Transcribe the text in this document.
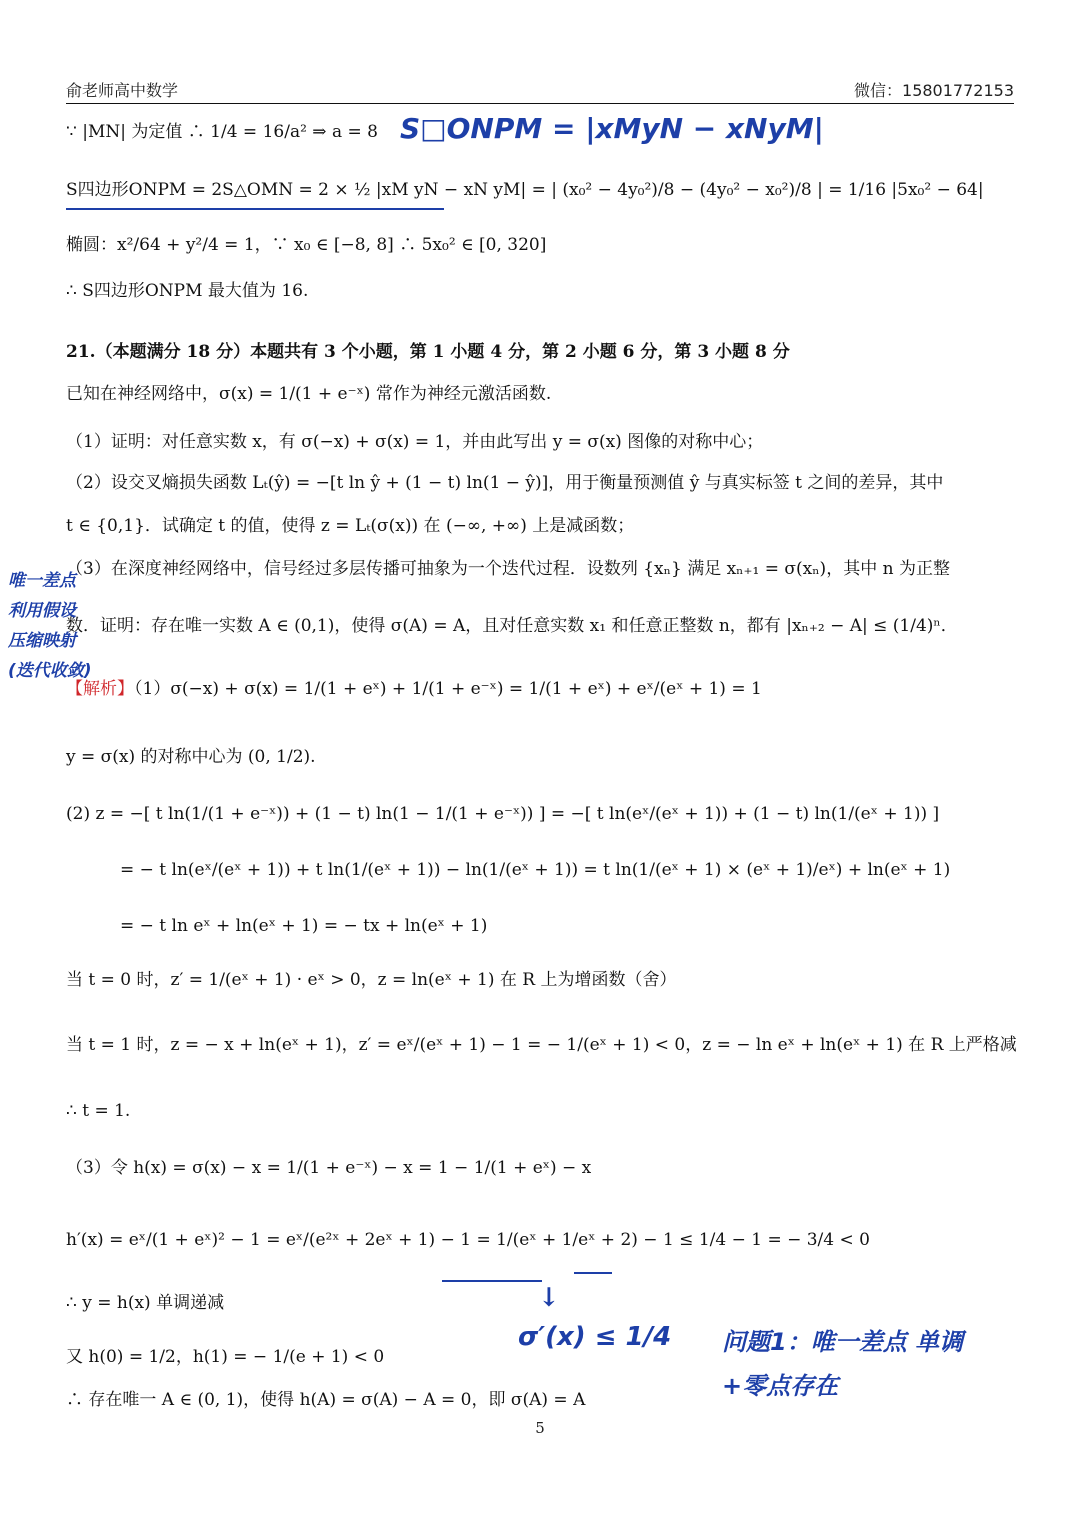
俞老师高中数学	微信：15801772153
∵ |MN| 为定值 ∴ 1/4 = 16/a² ⇒ a = 8 S□ONPM = |xMyN − xNyM|
S四边形ONPM = 2S△OMN = 2 × ½ |xM yN − xN yM| = | (x₀² − 4y₀²)/8 − (4y₀² − x₀²)/8 | = 1/16 |5x₀² − 64|
椭圆：x²/64 + y²/4 = 1，∵ x₀ ∈ [−8, 8] ∴ 5x₀² ∈ [0, 320]
∴ S四边形ONPM 最大值为 16.
21.（本题满分 18 分）本题共有 3 个小题，第 1 小题 4 分，第 2 小题 6 分，第 3 小题 8 分
已知在神经网络中，σ(x) = 1/(1 + e⁻ˣ) 常作为神经元激活函数.
（1）证明：对任意实数 x，有 σ(−x) + σ(x) = 1，并由此写出 y = σ(x) 图像的对称中心；
（2）设交叉熵损失函数 Lₜ(ŷ) = −[t ln ŷ + (1 − t) ln(1 − ŷ)]，用于衡量预测值 ŷ 与真实标签 t 之间的差异，其中
t ∈ {0,1}．试确定 t 的值，使得 z = Lₜ(σ(x)) 在 (−∞, +∞) 上是减函数；
（3）在深度神经网络中，信号经过多层传播可抽象为一个迭代过程．设数列 {xₙ} 满足 xₙ₊₁ = σ(xₙ)，其中 n 为正整
数．证明：存在唯一实数 A ∈ (0,1)，使得 σ(A) = A，且对任意实数 x₁ 和任意正整数 n，都有 |xₙ₊₂ − A| ≤ (1/4)ⁿ．
唯一差点 利用假设 压缩映射 (迭代收敛)
【解析】（1）σ(−x) + σ(x) = 1/(1 + eˣ) + 1/(1 + e⁻ˣ) = 1/(1 + eˣ) + eˣ/(eˣ + 1) = 1
y = σ(x) 的对称中心为 (0, 1/2).
(2) z = −[ t ln(1/(1 + e⁻ˣ)) + (1 − t) ln(1 − 1/(1 + e⁻ˣ)) ] = −[ t ln(eˣ/(eˣ + 1)) + (1 − t) ln(1/(eˣ + 1)) ]
= − t ln(eˣ/(eˣ + 1)) + t ln(1/(eˣ + 1)) − ln(1/(eˣ + 1)) = t ln(1/(eˣ + 1) × (eˣ + 1)/eˣ) + ln(eˣ + 1)
= − t ln eˣ + ln(eˣ + 1) = − tx + ln(eˣ + 1)
当 t = 0 时，z′ = 1/(eˣ + 1) · eˣ > 0，z = ln(eˣ + 1) 在 R 上为增函数（舍）
当 t = 1 时，z = − x + ln(eˣ + 1)，z′ = eˣ/(eˣ + 1) − 1 = − 1/(eˣ + 1) < 0，z = − ln eˣ + ln(eˣ + 1) 在 R 上严格减
∴ t = 1.
（3）令 h(x) = σ(x) − x = 1/(1 + e⁻ˣ) − x = 1 − 1/(1 + eˣ) − x
h′(x) = eˣ/(1 + eˣ)² − 1 = eˣ/(e²ˣ + 2eˣ + 1) − 1 = 1/(eˣ + 1/eˣ + 2) − 1 ≤ 1/4 − 1 = − 3/4 < 0
↓
σ′(x) ≤ 1/4 问题1：唯一差点 单调+零点存在
∴ y = h(x) 单调递减
又 h(0) = 1/2，h(1) = − 1/(e + 1) < 0
∴ 存在唯一 A ∈ (0, 1)，使得 h(A) = σ(A) − A = 0，即 σ(A) = A
5
